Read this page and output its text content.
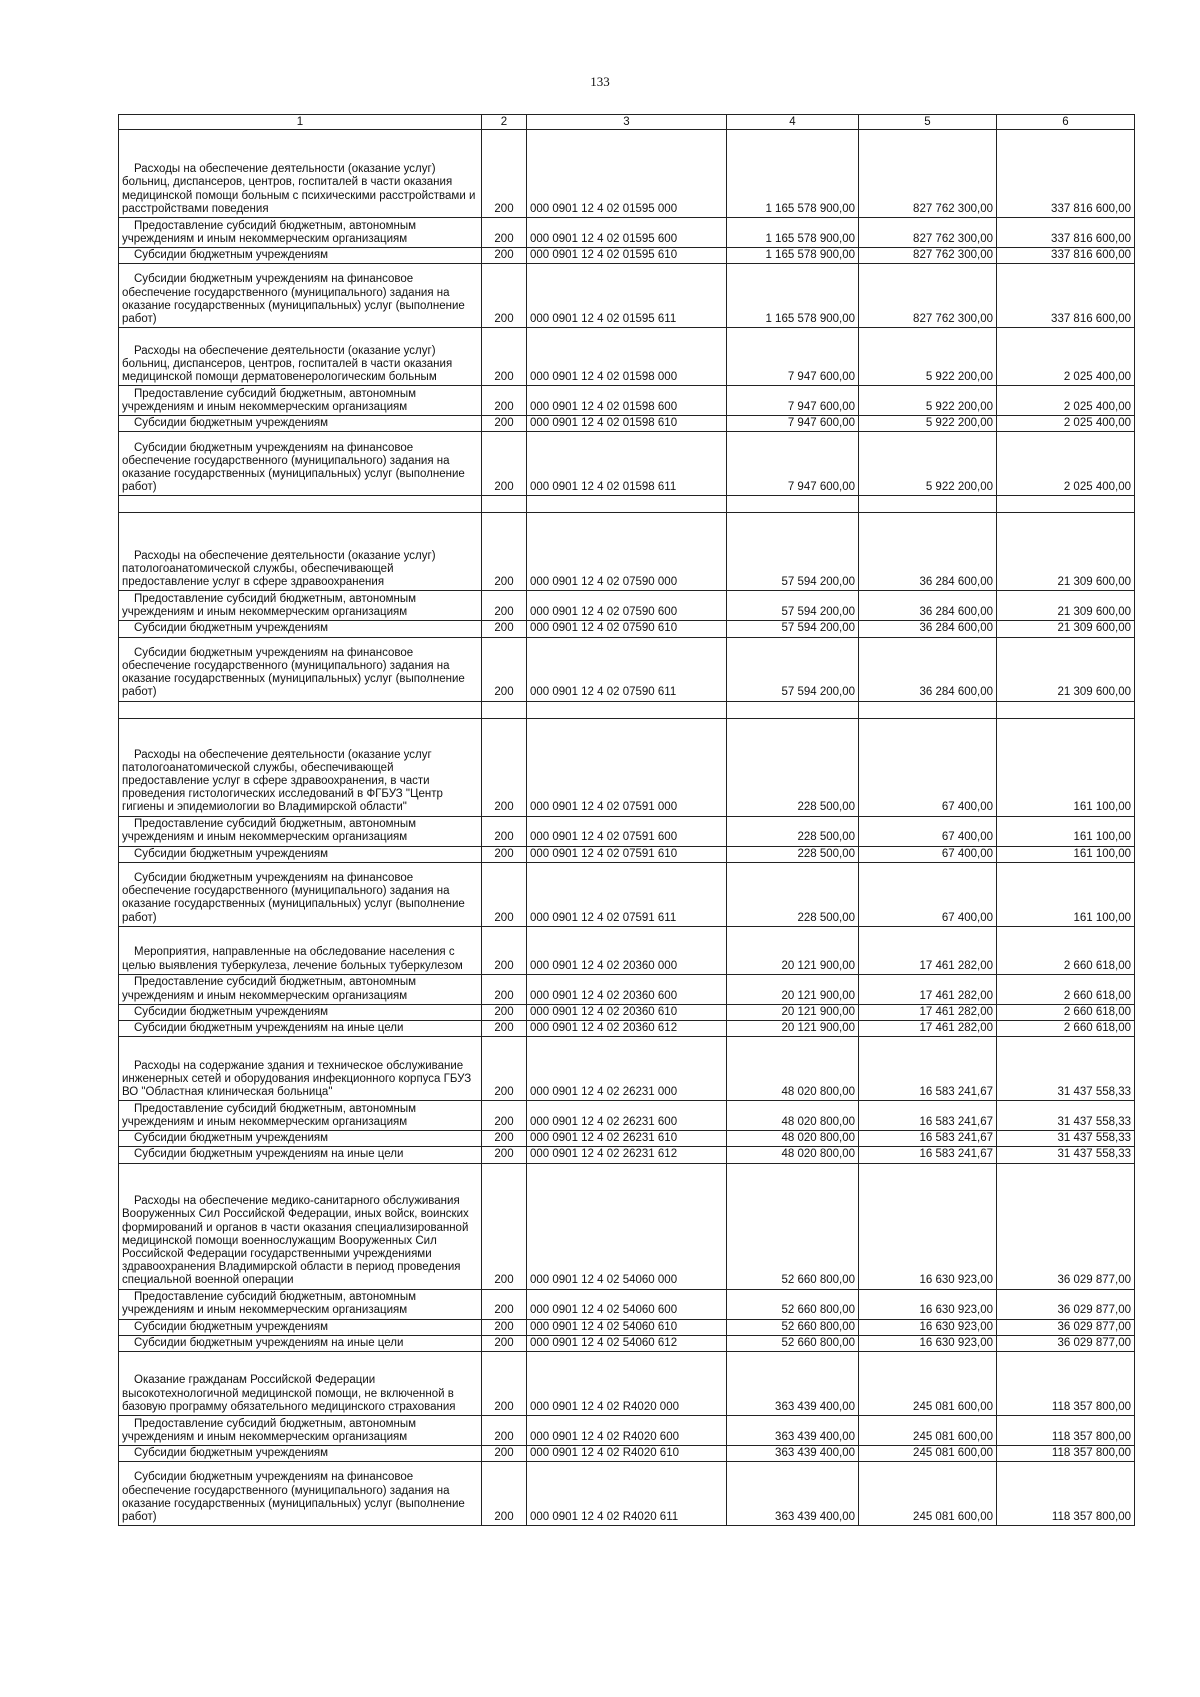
133
1	2	3	4	5	6
Расходы на обеспечение деятельности (оказание услуг) больниц, диспансеров, центров, госпиталей в части оказания медицинской помощи больным с психическими расстройствами и расстройствами поведения	200	000 0901 12 4 02 01595 000	1 165 578 900,00	827 762 300,00	337 816 600,00
Предоставление субсидий бюджетным, автономным учреждениям и иным некоммерческим организациям	200	000 0901 12 4 02 01595 600	1 165 578 900,00	827 762 300,00	337 816 600,00
Субсидии бюджетным учреждениям	200	000 0901 12 4 02 01595 610	1 165 578 900,00	827 762 300,00	337 816 600,00
Субсидии бюджетным учреждениям на финансовое обеспечение государственного (муниципального) задания на оказание государственных (муниципальных) услуг (выполнение работ)	200	000 0901 12 4 02 01595 611	1 165 578 900,00	827 762 300,00	337 816 600,00
Расходы на обеспечение деятельности (оказание услуг) больниц, диспансеров, центров, госпиталей в части оказания медицинской помощи дерматовенерологическим больным	200	000 0901 12 4 02 01598 000	7 947 600,00	5 922 200,00	2 025 400,00
Предоставление субсидий бюджетным, автономным учреждениям и иным некоммерческим организациям	200	000 0901 12 4 02 01598 600	7 947 600,00	5 922 200,00	2 025 400,00
Субсидии бюджетным учреждениям	200	000 0901 12 4 02 01598 610	7 947 600,00	5 922 200,00	2 025 400,00
Субсидии бюджетным учреждениям на финансовое обеспечение государственного (муниципального) задания на оказание государственных (муниципальных) услуг (выполнение работ)	200	000 0901 12 4 02 01598 611	7 947 600,00	5 922 200,00	2 025 400,00

Расходы на обеспечение деятельности (оказание услуг) патологоанатомической службы, обеспечивающей предоставление услуг в сфере здравоохранения	200	000 0901 12 4 02 07590 000	57 594 200,00	36 284 600,00	21 309 600,00
Предоставление субсидий бюджетным, автономным учреждениям и иным некоммерческим организациям	200	000 0901 12 4 02 07590 600	57 594 200,00	36 284 600,00	21 309 600,00
Субсидии бюджетным учреждениям	200	000 0901 12 4 02 07590 610	57 594 200,00	36 284 600,00	21 309 600,00
Субсидии бюджетным учреждениям на финансовое обеспечение государственного (муниципального) задания на оказание государственных (муниципальных) услуг (выполнение работ)	200	000 0901 12 4 02 07590 611	57 594 200,00	36 284 600,00	21 309 600,00

Расходы на обеспечение деятельности (оказание услуг патологоанатомической службы, обеспечивающей предоставление услуг в сфере здравоохранения, в части проведения гистологических исследований в ФГБУЗ "Центр гигиены и эпидемиологии во Владимирской области"	200	000 0901 12 4 02 07591 000	228 500,00	67 400,00	161 100,00
Предоставление субсидий бюджетным, автономным учреждениям и иным некоммерческим организациям	200	000 0901 12 4 02 07591 600	228 500,00	67 400,00	161 100,00
Субсидии бюджетным учреждениям	200	000 0901 12 4 02 07591 610	228 500,00	67 400,00	161 100,00
Субсидии бюджетным учреждениям на финансовое обеспечение государственного (муниципального) задания на оказание государственных (муниципальных) услуг (выполнение работ)	200	000 0901 12 4 02 07591 611	228 500,00	67 400,00	161 100,00
Мероприятия, направленные на обследование населения с целью выявления туберкулеза, лечение больных туберкулезом	200	000 0901 12 4 02 20360 000	20 121 900,00	17 461 282,00	2 660 618,00
Предоставление субсидий бюджетным, автономным учреждениям и иным некоммерческим организациям	200	000 0901 12 4 02 20360 600	20 121 900,00	17 461 282,00	2 660 618,00
Субсидии бюджетным учреждениям	200	000 0901 12 4 02 20360 610	20 121 900,00	17 461 282,00	2 660 618,00
Субсидии бюджетным учреждениям на иные цели	200	000 0901 12 4 02 20360 612	20 121 900,00	17 461 282,00	2 660 618,00
Расходы на содержание здания и техническое обслуживание инженерных сетей и оборудования инфекционного корпуса ГБУЗ ВО "Областная клиническая больница"	200	000 0901 12 4 02 26231 000	48 020 800,00	16 583 241,67	31 437 558,33
Предоставление субсидий бюджетным, автономным учреждениям и иным некоммерческим организациям	200	000 0901 12 4 02 26231 600	48 020 800,00	16 583 241,67	31 437 558,33
Субсидии бюджетным учреждениям	200	000 0901 12 4 02 26231 610	48 020 800,00	16 583 241,67	31 437 558,33
Субсидии бюджетным учреждениям на иные цели	200	000 0901 12 4 02 26231 612	48 020 800,00	16 583 241,67	31 437 558,33
Расходы на обеспечение медико-санитарного обслуживания Вооруженных Сил Российской Федерации, иных войск, воинских формирований и органов в части оказания специализированной медицинской помощи военнослужащим Вооруженных Сил Российской Федерации государственными учреждениями здравоохранения Владимирской области в период проведения специальной военной операции	200	000 0901 12 4 02 54060 000	52 660 800,00	16 630 923,00	36 029 877,00
Предоставление субсидий бюджетным, автономным учреждениям и иным некоммерческим организациям	200	000 0901 12 4 02 54060 600	52 660 800,00	16 630 923,00	36 029 877,00
Субсидии бюджетным учреждениям	200	000 0901 12 4 02 54060 610	52 660 800,00	16 630 923,00	36 029 877,00
Субсидии бюджетным учреждениям на иные цели	200	000 0901 12 4 02 54060 612	52 660 800,00	16 630 923,00	36 029 877,00
Оказание гражданам Российской Федерации высокотехнологичной медицинской помощи, не включенной в базовую программу обязательного медицинского страхования	200	000 0901 12 4 02 R4020 000	363 439 400,00	245 081 600,00	118 357 800,00
Предоставление субсидий бюджетным, автономным учреждениям и иным некоммерческим организациям	200	000 0901 12 4 02 R4020 600	363 439 400,00	245 081 600,00	118 357 800,00
Субсидии бюджетным учреждениям	200	000 0901 12 4 02 R4020 610	363 439 400,00	245 081 600,00	118 357 800,00
Субсидии бюджетным учреждениям на финансовое обеспечение государственного (муниципального) задания на оказание государственных (муниципальных) услуг (выполнение работ)	200	000 0901 12 4 02 R4020 611	363 439 400,00	245 081 600,00	118 357 800,00
